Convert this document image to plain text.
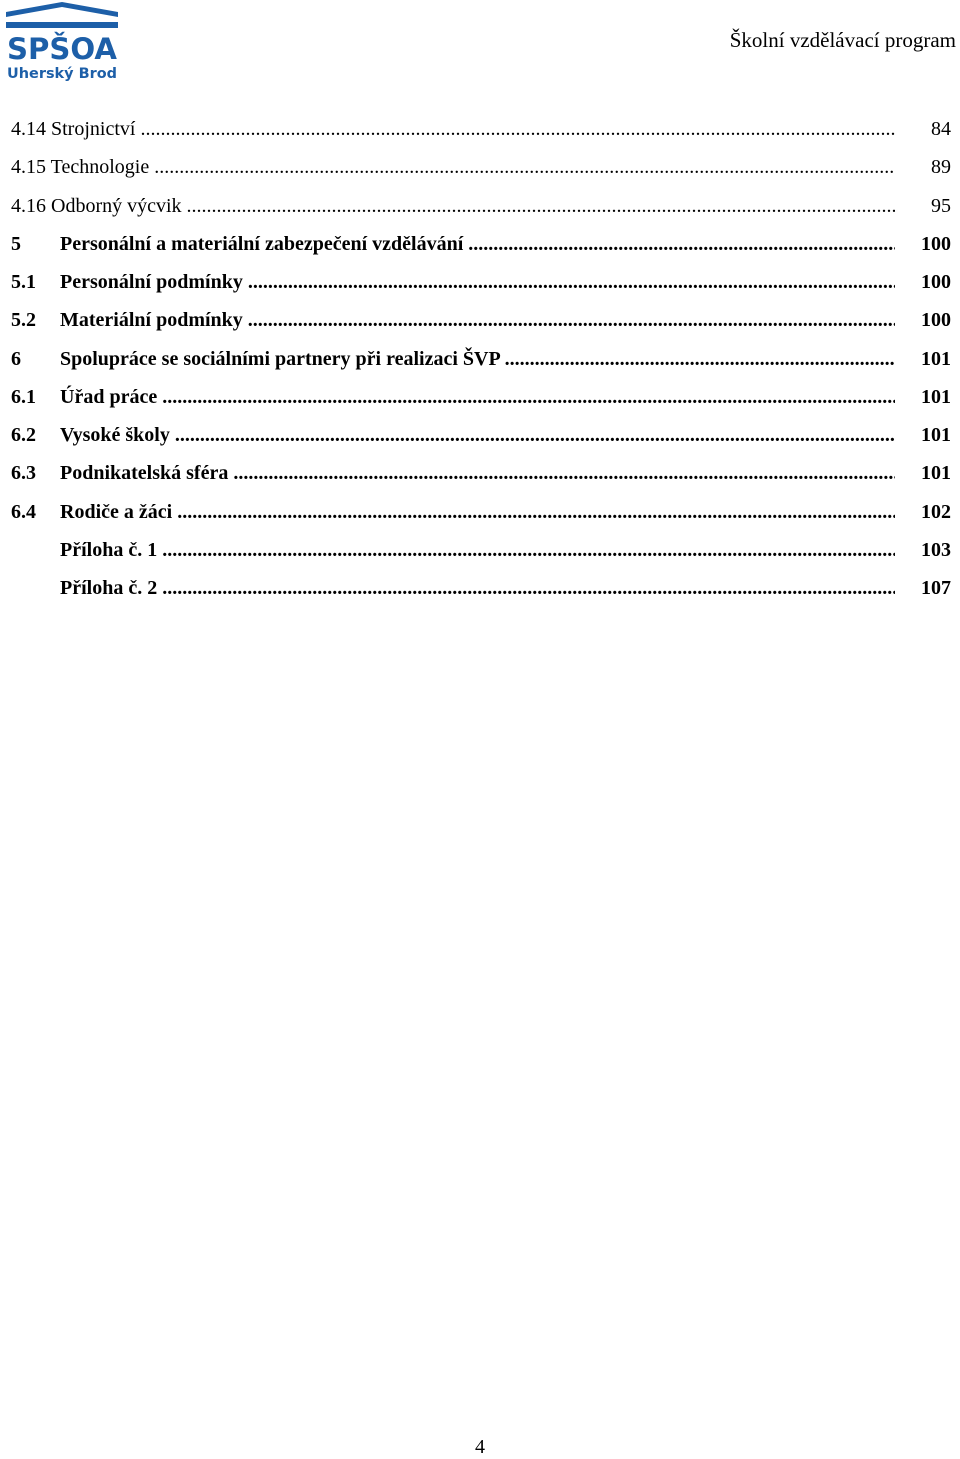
SPŠOA
Uherský Brod
Školní vzdělávací program
4.14 Strojnictví .....	84
4.15 Technologie .....	89
4.16 Odborný výcvik .....	95
5 Personální a materiální zabezpečení vzdělávání .....	100
5.1 Personální podmínky .....	100
5.2 Materiální podmínky .....	100
6 Spolupráce se sociálními partnery při realizaci ŠVP .....	101
6.1 Úřad práce .....	101
6.2 Vysoké školy .....	101
6.3 Podnikatelská sféra .....	101
6.4 Rodiče a žáci .....	102
Příloha č. 1 .....	103
Příloha č. 2 .....	107
4
